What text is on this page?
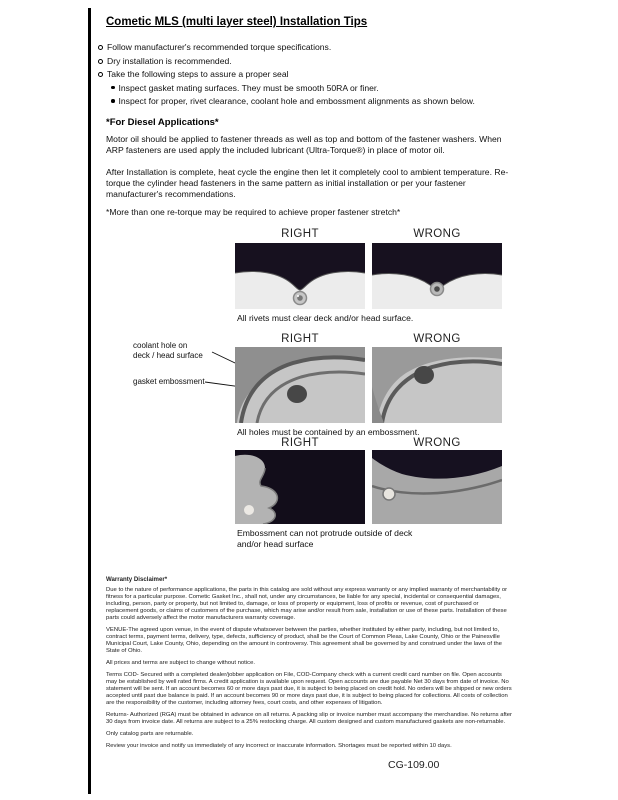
Cometic MLS (multi layer steel) Installation Tips
Follow manufacturer's recommended torque specifications.
Dry installation is recommended.
Take the following steps to assure a proper seal
Inspect gasket mating surfaces. They must be smooth 50RA or finer.
Inspect for proper, rivet clearance, coolant hole and embossment alignments as shown below.
*For Diesel Applications*
Motor oil should be applied to fastener threads as well as top and bottom of the fastener washers. When ARP fasteners are used apply the included lubricant (Ultra-Torque®) in place of motor oil.
After Installation is complete, heat cycle the engine then let it completely cool to ambient temperature. Re-torque the cylinder head fasteners in the same pattern as initial installation or per your fastener manufacturer's recommendations.
*More than one re-torque may be required to achieve proper fastener stretch*
RIGHT	WRONG
All rivets must clear deck and/or head surface.
RIGHT	WRONG
coolant hole on
deck / head surface
gasket embossment
All holes must be contained by an embossment.
RIGHT	WRONG
Embossment can not protrude outside of deck and/or head surface

Warranty Disclaimer*

Due to the nature of performance applications, the parts in this catalog are sold without any express warranty or any implied warranty of merchantability or fitness for a particular purpose. Cometic Gasket Inc., shall not, under any circumstances, be liable for any special, incidental or consequential damages, including, person, party or property, but not limited to, damage, or loss of property or equipment, loss of profits or revenue, cost of purchased or replacement goods, or claims of customers of the purchase, which may arise and/or result from sale, installation or use of these parts. Installation of these parts could adversely affect the motor manufacturers warranty coverage.

VENUE-The agreed upon venue, in the event of dispute whatsoever between the parties, whether instituted by either party, including, but not limited to, contract terms, payment terms, delivery, type, defects, sufficiency of product, shall be the Court of Common Pleas, Lake County, Ohio or the Painesville Municipal Court, Lake County, Ohio, depending on the amount in controversy. This agreement shall be governed by and construed under the laws of the State of Ohio.

All prices and terms are subject to change without notice.

Terms COD- Secured with a completed dealer/jobber application on File, COD-Company check with a current credit card number on file. Open accounts may be established by well rated firms. A credit application is available upon request. Open accounts are due payable Net 30 days from date of invoice. No statement will be sent. If an account becomes 60 or more days past due, it is subject to being placed on credit hold. No orders will be shipped or new orders accepted until past due balance is paid. If an account becomes 90 or more days past due, it is subject to being placed for collections. All costs of collection are the responsibility of the customer, including attorney fees, court costs, and other expenses of litigation.

Returns- Authorized (RGA) must be obtained in advance on all returns. A packing slip or invoice number must accompany the merchandise. No returns after 30 days from invoice date. All returns are subject to a 25% restocking charge. All custom designed and custom manufactured gaskets are non-returnable.

Only catalog parts are returnable.

Review your invoice and notify us immediately of any incorrect or inaccurate information. Shortages must be reported within 10 days.

CG-109.00
